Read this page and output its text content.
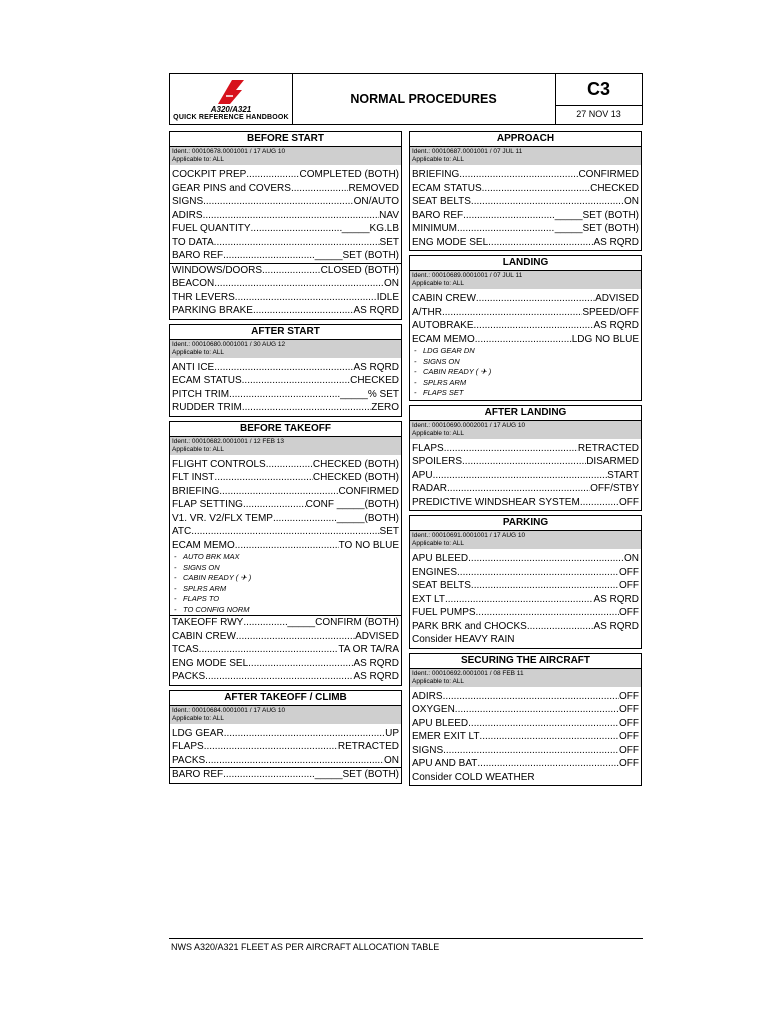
A320/A321
QUICK REFERENCE HANDBOOK
NORMAL PROCEDURES	C3
27 NOV 13
BEFORE START
Ident.: 00010678.0001001 / 17 AUG 10
Applicable to: ALL
COCKPIT PREP .....	COMPLETED (BOTH)
GEAR PINS and COVERS .....	REMOVED
SIGNS .....	ON/AUTO
ADIRS .....	NAV
FUEL QUANTITY .....	_____KG.LB
TO DATA .....	SET
BARO REF .....	_____SET (BOTH)
WINDOWS/DOORS .....	CLOSED (BOTH)
BEACON .....	ON
THR LEVERS .....	IDLE
PARKING BRAKE .....	AS RQRD
AFTER START
Ident.: 00010680.0001001 / 30 AUG 12
Applicable to: ALL
ANTI ICE .....	AS RQRD
ECAM STATUS .....	CHECKED
PITCH TRIM .....	_____% SET
RUDDER TRIM .....	ZERO
BEFORE TAKEOFF
Ident.: 00010682.0001001 / 12 FEB 13
Applicable to: ALL
FLIGHT CONTROLS .....	CHECKED (BOTH)
FLT INST .....	CHECKED (BOTH)
BRIEFING .....	CONFIRMED
FLAP SETTING .....	CONF _____(BOTH)
V1. VR. V2/FLX TEMP .....	_____(BOTH)
ATC .....	SET
ECAM MEMO .....	TO NO BLUE
- AUTO BRK MAX
- SIGNS ON
- CABIN READY ( ✈ )
- SPLRS ARM
- FLAPS TO
- TO CONFIG NORM
TAKEOFF RWY .....	_____CONFIRM (BOTH)
CABIN CREW .....	ADVISED
TCAS .....	TA OR TA/RA
ENG MODE SEL .....	AS RQRD
PACKS .....	AS RQRD
AFTER TAKEOFF / CLIMB
Ident.: 00010684.0001001 / 17 AUG 10
Applicable to: ALL
LDG GEAR .....	UP
FLAPS .....	RETRACTED
PACKS .....	ON
BARO REF .....	_____SET (BOTH)
APPROACH
Ident.: 00010687.0001001 / 07 JUL 11
Applicable to: ALL
BRIEFING .....	CONFIRMED
ECAM STATUS .....	CHECKED
SEAT BELTS .....	ON
BARO REF .....	_____SET (BOTH)
MINIMUM .....	_____SET (BOTH)
ENG MODE SEL .....	AS RQRD
LANDING
Ident.: 00010689.0001001 / 07 JUL 11
Applicable to: ALL
CABIN CREW .....	ADVISED
A/THR .....	SPEED/OFF
AUTOBRAKE .....	AS RQRD
ECAM MEMO .....	LDG NO BLUE
- LDG GEAR DN
- SIGNS ON
- CABIN READY ( ✈ )
- SPLRS ARM
- FLAPS SET
AFTER LANDING
Ident.: 00010690.0002001 / 17 AUG 10
Applicable to: ALL
FLAPS .....	RETRACTED
SPOILERS .....	DISARMED
APU .....	START
RADAR .....	OFF/STBY
PREDICTIVE WINDSHEAR SYSTEM .....	OFF
PARKING
Ident.: 00010691.0001001 / 17 AUG 10
Applicable to: ALL
APU BLEED .....	ON
ENGINES .....	OFF
SEAT BELTS .....	OFF
EXT LT .....	AS RQRD
FUEL PUMPS .....	OFF
PARK BRK and CHOCKS .....	AS RQRD
Consider HEAVY RAIN
SECURING THE AIRCRAFT
Ident.: 00010692.0001001 / 08 FEB 11
Applicable to: ALL
ADIRS .....	OFF
OXYGEN .....	OFF
APU BLEED .....	OFF
EMER EXIT LT .....	OFF
SIGNS .....	OFF
APU AND BAT .....	OFF
Consider COLD WEATHER
NWS A320/A321 FLEET AS PER AIRCRAFT ALLOCATION TABLE
